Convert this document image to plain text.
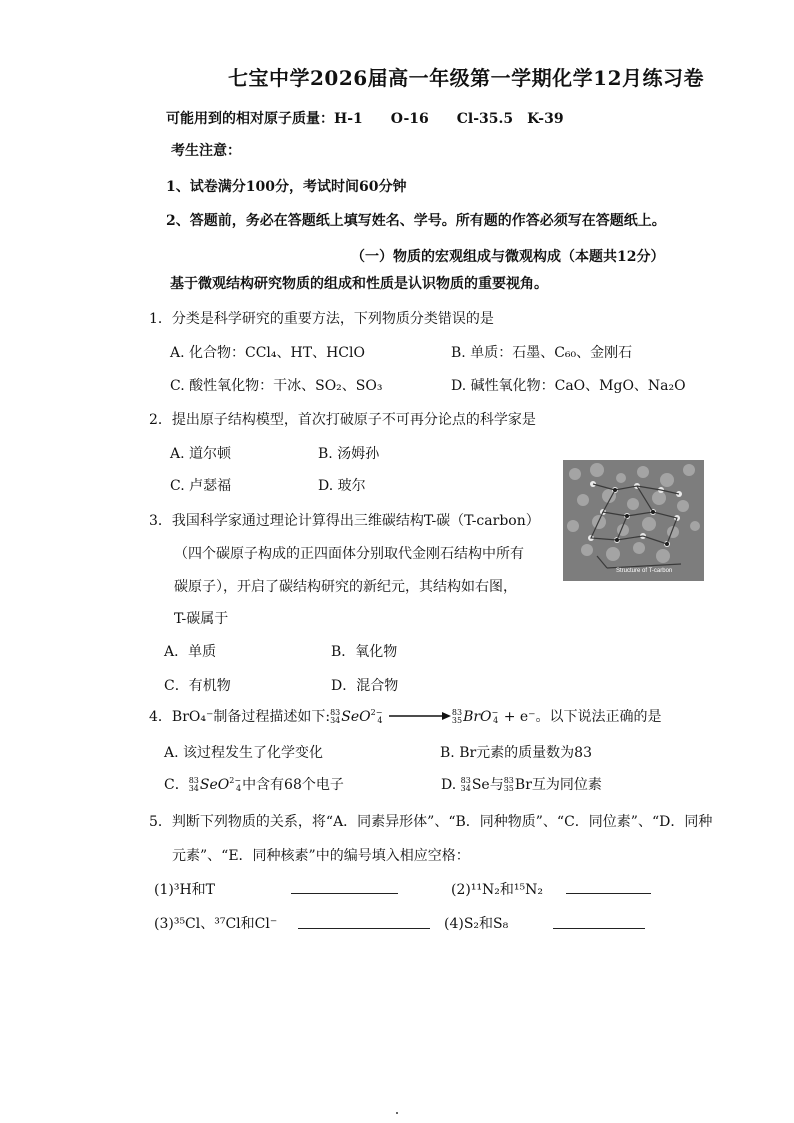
七宝中学2026届高一年级第一学期化学12月练习卷
可能用到的相对原子质量：H-1　　O-16　　Cl-35.5　K-39
考生注意：
1、试卷满分100分，考试时间60分钟
2、答题前，务必在答题纸上填写姓名、学号。所有题的作答必须写在答题纸上。
（一）物质的宏观组成与微观构成（本题共12分）
基于微观结构研究物质的组成和性质是认识物质的重要视角。
1．分类是科学研究的重要方法，下列物质分类错误的是
A. 化合物：CCl₄、HT、HClO	B. 单质：石墨、C₆₀、金刚石
C. 酸性氧化物：干冰、SO₂、SO₃	D. 碱性氧化物：CaO、MgO、Na₂O
2．提出原子结构模型，首次打破原子不可再分论点的科学家是
A. 道尔顿	B. 汤姆孙
C. 卢瑟福	D. 玻尔
Structure of T-carbon
3．我国科学家通过理论计算得出三维碳结构T-碳（T-carbon）
（四个碳原子构成的正四面体分别取代金刚石结构中所有
碳原子），开启了碳结构研究的新纪元，其结构如右图，
T-碳属于
A．单质	B．氧化物
C．有机物	D．混合物
4．BrO₄⁻制备过程描述如下: 83
34 SeO 2−
4

83
35 BrO −
4 + e⁻。以下说法正确的是
A. 该过程发生了化学变化	B. Br元素的质量数为83
C． 83
34 SeO 2−
4 中含有68个电子	D. 83
34 Se与 83
35 Br互为同位素
5．判断下列物质的关系，将“A．同素异形体”、“B．同种物质”、“C．同位素”、“D．同种
元素”、“E．同种核素”中的编号填入相应空格：
(1)³H和T	(2)¹¹N₂和¹⁵N₂
(3)³⁵Cl、³⁷Cl和Cl⁻	(4)S₂和S₈
